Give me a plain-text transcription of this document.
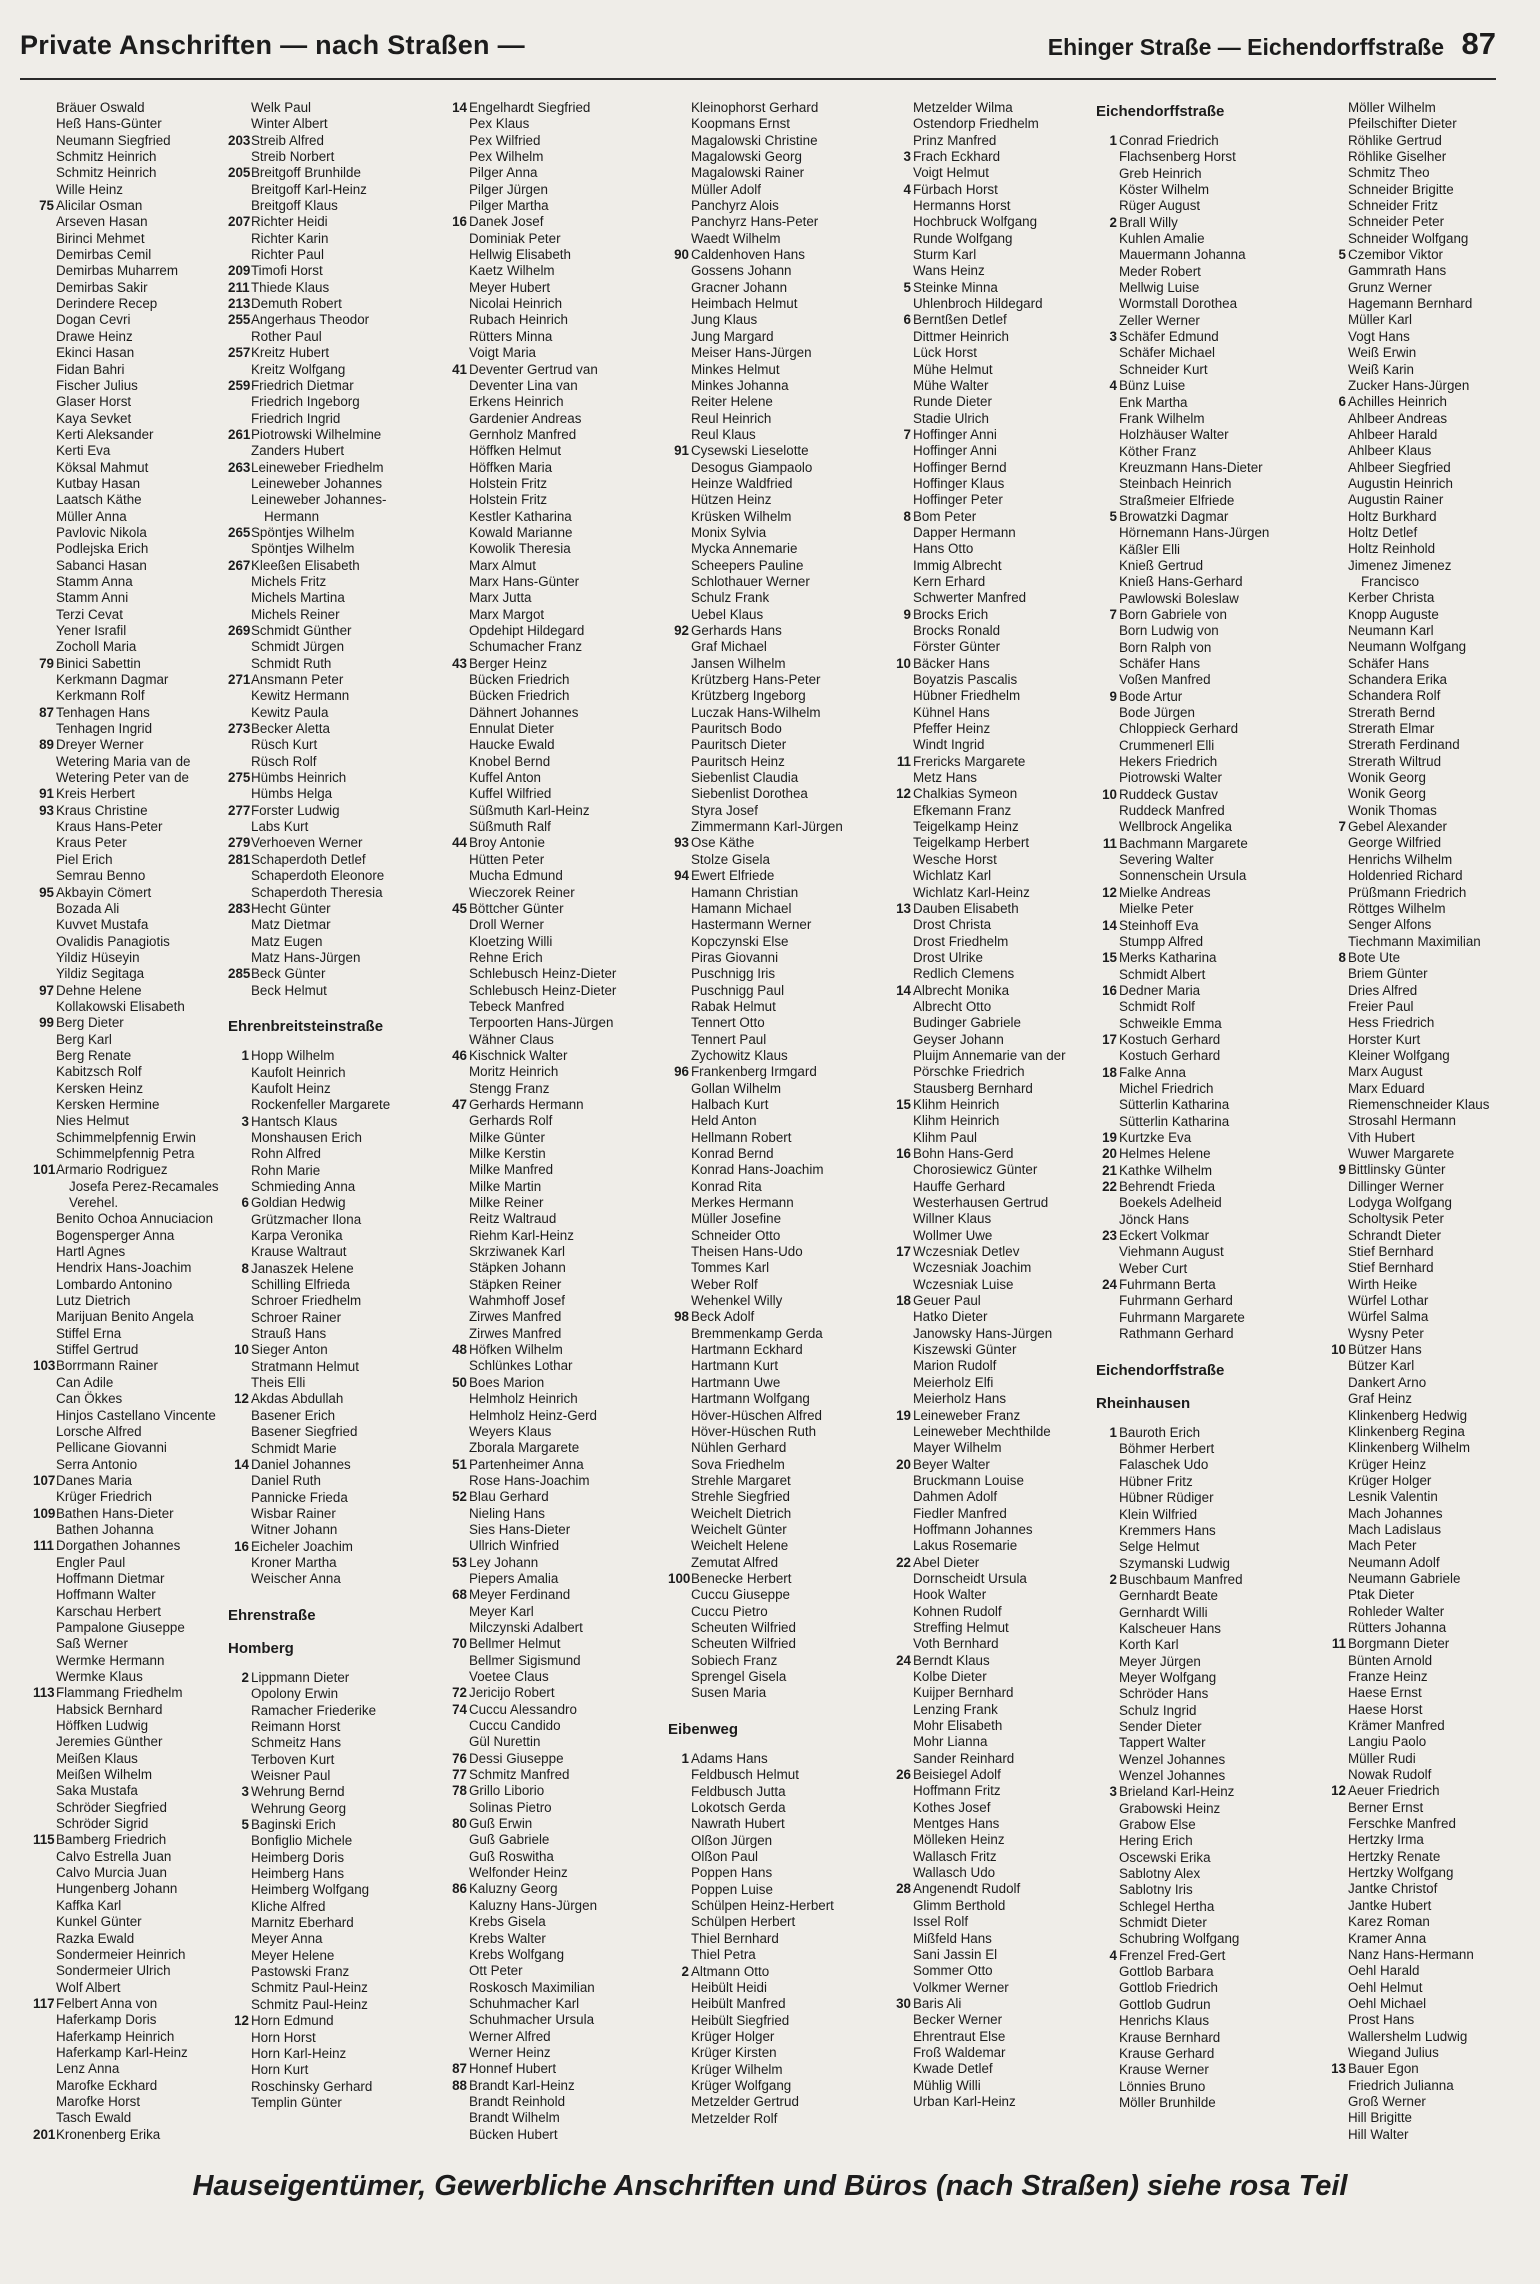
Private Anschriften — nach Straßen —	Ehinger Straße — Eichendorffstraße 87
Bräuer Oswald
Heß Hans-Günter
Neumann Siegfried
Schmitz Heinrich
Schmitz Heinrich
Wille Heinz
75 Alicilar Osman
Arseven Hasan
Birinci Mehmet
Demirbas Cemil
Demirbas Muharrem
Demirbas Sakir
Derindere Recep
Dogan Cevri
Drawe Heinz
Ekinci Hasan
Fidan Bahri
Fischer Julius
Glaser Horst
Kaya Sevket
Kerti Aleksander
Kerti Eva
Köksal Mahmut
Kutbay Hasan
Laatsch Käthe
Müller Anna
Pavlovic Nikola
Podlejska Erich
Sabanci Hasan
Stamm Anna
Stamm Anni
Terzi Cevat
Yener Israfil
Zocholl Maria
79 Binici Sabettin
Kerkmann Dagmar
Kerkmann Rolf
87 Tenhagen Hans
Tenhagen Ingrid
89 Dreyer Werner
Wetering Maria van de
Wetering Peter van de
91 Kreis Herbert
93 Kraus Christine
Kraus Hans-Peter
Kraus Peter
Piel Erich
Semrau Benno
95 Akbayin Cömert
Bozada Ali
Kuvvet Mustafa
Ovalidis Panagiotis
Yildiz Hüseyin
Yildiz Segitaga
97 Dehne Helene
Kollakowski Elisabeth
99 Berg Dieter
Berg Karl
Berg Renate
Kabitzsch Rolf
Kersken Heinz
Kersken Hermine
Nies Helmut
Schimmelpfennig Erwin
Schimmelpfennig Petra
101 Armario Rodriguez
Josefa Perez-Recamales
Verehel.
Benito Ochoa Annuciacion
Bogensperger Anna
Hartl Agnes
Hendrix Hans-Joachim
Lombardo Antonino
Lutz Dietrich
Marijuan Benito Angela
Stiffel Erna
Stiffel Gertrud
103 Borrmann Rainer
Can Adile
Can Ökkes
Hinjos Castellano Vincente
Lorsche Alfred
Pellicane Giovanni
Serra Antonio
107 Danes Maria
Krüger Friedrich
109 Bathen Hans-Dieter
Bathen Johanna
111 Dorgathen Johannes
Engler Paul
Hoffmann Dietmar
Hoffmann Walter
Karschau Herbert
Pampalone Giuseppe
Saß Werner
Wermke Hermann
Wermke Klaus
113 Flammang Friedhelm
Habsick Bernhard
Höffken Ludwig
Jeremies Günther
Meißen Klaus
Meißen Wilhelm
Saka Mustafa
Schröder Siegfried
Schröder Sigrid
115 Bamberg Friedrich
Calvo Estrella Juan
Calvo Murcia Juan
Hungenberg Johann
Kaffka Karl
Kunkel Günter
Razka Ewald
Sondermeier Heinrich
Sondermeier Ulrich
Wolf Albert
117 Felbert Anna von
Haferkamp Doris
Haferkamp Heinrich
Haferkamp Karl-Heinz
Lenz Anna
Marofke Eckhard
Marofke Horst
Tasch Ewald
201 Kronenberg Erika
Welk Paul
Winter Albert
203 Streib Alfred
Streib Norbert
205 Breitgoff Brunhilde
Breitgoff Karl-Heinz
Breitgoff Klaus
207 Richter Heidi
Richter Karin
Richter Paul
209 Timofi Horst
211 Thiede Klaus
213 Demuth Robert
255 Angerhaus Theodor
Rother Paul
257 Kreitz Hubert
Kreitz Wolfgang
259 Friedrich Dietmar
Friedrich Ingeborg
Friedrich Ingrid
261 Piotrowski Wilhelmine
Zanders Hubert
263 Leineweber Friedhelm
Leineweber Johannes
Leineweber Johannes-
Hermann
265 Spöntjes Wilhelm
Spöntjes Wilhelm
267 Kleeßen Elisabeth
Michels Fritz
Michels Martina
Michels Reiner
269 Schmidt Günther
Schmidt Jürgen
Schmidt Ruth
271 Ansmann Peter
Kewitz Hermann
Kewitz Paula
273 Becker Aletta
Rüsch Kurt
Rüsch Rolf
275 Hümbs Heinrich
Hümbs Helga
277 Forster Ludwig
Labs Kurt
279 Verhoeven Werner
281 Schaperdoth Detlef
Schaperdoth Eleonore
Schaperdoth Theresia
283 Hecht Günter
Matz Dietmar
Matz Eugen
Matz Hans-Jürgen
285 Beck Günter
Beck Helmut
Ehrenbreitsteinstraße
1 Hopp Wilhelm
Kaufolt Heinrich
Kaufolt Heinz
Rockenfeller Margarete
3 Hantsch Klaus
Monshausen Erich
Rohn Alfred
Rohn Marie
Schmieding Anna
6 Goldian Hedwig
Grützmacher Ilona
Karpa Veronika
Krause Waltraut
8 Janaszek Helene
Schilling Elfrieda
Schroer Friedhelm
Schroer Rainer
Strauß Hans
10 Sieger Anton
Stratmann Helmut
Theis Elli
12 Akdas Abdullah
Basener Erich
Basener Siegfried
Schmidt Marie
14 Daniel Johannes
Daniel Ruth
Pannicke Frieda
Wisbar Rainer
Witner Johann
16 Eicheler Joachim
Kroner Martha
Weischer Anna
Ehrenstraße
Homberg
2 Lippmann Dieter
Opolony Erwin
Ramacher Friederike
Reimann Horst
Schmeitz Hans
Terboven Kurt
Weisner Paul
3 Wehrung Bernd
Wehrung Georg
5 Baginski Erich
Bonfiglio Michele
Heimberg Doris
Heimberg Hans
Heimberg Wolfgang
Kliche Alfred
Marnitz Eberhard
Meyer Anna
Meyer Helene
Pastowski Franz
Schmitz Paul-Heinz
Schmitz Paul-Heinz
12 Horn Edmund
Horn Horst
Horn Karl-Heinz
Horn Kurt
Roschinsky Gerhard
Templin Günter
14 Engelhardt Siegfried
Pex Klaus
Pex Wilfried
Pex Wilhelm
Pilger Anna
Pilger Jürgen
Pilger Martha
16 Danek Josef
Dominiak Peter
Hellwig Elisabeth
Kaetz Wilhelm
Meyer Hubert
Nicolai Heinrich
Rubach Heinrich
Rütters Minna
Voigt Maria
41 Deventer Gertrud van
Deventer Lina van
Erkens Heinrich
Gardenier Andreas
Gernholz Manfred
Höffken Helmut
Höffken Maria
Holstein Fritz
Holstein Fritz
Kestler Katharina
Kowald Marianne
Kowolik Theresia
Marx Almut
Marx Hans-Günter
Marx Jutta
Marx Margot
Opdehipt Hildegard
Schumacher Franz
43 Berger Heinz
Bücken Friedrich
Bücken Friedrich
Dähnert Johannes
Ennulat Dieter
Haucke Ewald
Knobel Bernd
Kuffel Anton
Kuffel Wilfried
Süßmuth Karl-Heinz
Süßmuth Ralf
44 Broy Antonie
Hütten Peter
Mucha Edmund
Wieczorek Reiner
45 Böttcher Günter
Droll Werner
Kloetzing Willi
Rehne Erich
Schlebusch Heinz-Dieter
Schlebusch Heinz-Dieter
Tebeck Manfred
Terpoorten Hans-Jürgen
Wähner Claus
46 Kischnick Walter
Moritz Heinrich
Stengg Franz
47 Gerhards Hermann
Gerhards Rolf
Milke Günter
Milke Kerstin
Milke Manfred
Milke Martin
Milke Reiner
Reitz Waltraud
Riehm Karl-Heinz
Skrziwanek Karl
Stäpken Johann
Stäpken Reiner
Wahmhoff Josef
Zirwes Manfred
Zirwes Manfred
48 Höfken Wilhelm
Schlünkes Lothar
50 Boes Marion
Helmholz Heinrich
Helmholz Heinz-Gerd
Weyers Klaus
Zborala Margarete
51 Partenheimer Anna
Rose Hans-Joachim
52 Blau Gerhard
Nieling Hans
Sies Hans-Dieter
Ullrich Winfried
53 Ley Johann
Piepers Amalia
68 Meyer Ferdinand
Meyer Karl
Milczynski Adalbert
70 Bellmer Helmut
Bellmer Sigismund
Voetee Claus
72 Jericijo Robert
74 Cuccu Alessandro
Cuccu Candido
Gül Nurettin
76 Dessi Giuseppe
77 Schmitz Manfred
78 Grillo Liborio
Solinas Pietro
80 Guß Erwin
Guß Gabriele
Guß Roswitha
Welfonder Heinz
86 Kaluzny Georg
Kaluzny Hans-Jürgen
Krebs Gisela
Krebs Walter
Krebs Wolfgang
Ott Peter
Roskosch Maximilian
Schuhmacher Karl
Schuhmacher Ursula
Werner Alfred
Werner Heinz
87 Honnef Hubert
88 Brandt Karl-Heinz
Brandt Reinhold
Brandt Wilhelm
Bücken Hubert
Kleinophorst Gerhard
Koopmans Ernst
Magalowski Christine
Magalowski Georg
Magalowski Rainer
Müller Adolf
Panchyrz Alois
Panchyrz Hans-Peter
Waedt Wilhelm
90 Caldenhoven Hans
Gossens Johann
Gracner Johann
Heimbach Helmut
Jung Klaus
Jung Margard
Meiser Hans-Jürgen
Minkes Helmut
Minkes Johanna
Reiter Helene
Reul Heinrich
Reul Klaus
91 Cysewski Lieselotte
Desogus Giampaolo
Heinze Waldfried
Hützen Heinz
Krüsken Wilhelm
Monix Sylvia
Mycka Annemarie
Scheepers Pauline
Schlothauer Werner
Schulz Frank
Uebel Klaus
92 Gerhards Hans
Graf Michael
Jansen Wilhelm
Krützberg Hans-Peter
Krützberg Ingeborg
Luczak Hans-Wilhelm
Pauritsch Bodo
Pauritsch Dieter
Pauritsch Heinz
Siebenlist Claudia
Siebenlist Dorothea
Styra Josef
Zimmermann Karl-Jürgen
93 Ose Käthe
Stolze Gisela
94 Ewert Elfriede
Hamann Christian
Hamann Michael
Hastermann Werner
Kopczynski Else
Piras Giovanni
Puschnigg Iris
Puschnigg Paul
Rabak Helmut
Tennert Otto
Tennert Paul
Zychowitz Klaus
96 Frankenberg Irmgard
Gollan Wilhelm
Halbach Kurt
Held Anton
Hellmann Robert
Konrad Bernd
Konrad Hans-Joachim
Konrad Rita
Merkes Hermann
Müller Josefine
Schneider Otto
Theisen Hans-Udo
Tommes Karl
Weber Rolf
Wehenkel Willy
98 Beck Adolf
Bremmenkamp Gerda
Hartmann Eckhard
Hartmann Kurt
Hartmann Uwe
Hartmann Wolfgang
Höver-Hüschen Alfred
Höver-Hüschen Ruth
Nühlen Gerhard
Sova Friedhelm
Strehle Margaret
Strehle Siegfried
Weichelt Dietrich
Weichelt Günter
Weichelt Helene
Zemutat Alfred
100 Benecke Herbert
Cuccu Giuseppe
Cuccu Pietro
Scheuten Wilfried
Scheuten Wilfried
Sobiech Franz
Sprengel Gisela
Susen Maria
Eibenweg
1 Adams Hans
Feldbusch Helmut
Feldbusch Jutta
Lokotsch Gerda
Nawrath Hubert
Olßon Jürgen
Olßon Paul
Poppen Hans
Poppen Luise
Schülpen Heinz-Herbert
Schülpen Herbert
Thiel Bernhard
Thiel Petra
2 Altmann Otto
Heibült Heidi
Heibült Manfred
Heibült Siegfried
Krüger Holger
Krüger Kirsten
Krüger Wilhelm
Krüger Wolfgang
Metzelder Gertrud
Metzelder Rolf
Metzelder Wilma
Ostendorp Friedhelm
Prinz Manfred
3 Frach Eckhard
Voigt Helmut
4 Fürbach Horst
Hermanns Horst
Hochbruck Wolfgang
Runde Wolfgang
Sturm Karl
Wans Heinz
5 Steinke Minna
Uhlenbroch Hildegard
6 Berntßen Detlef
Dittmer Heinrich
Lück Horst
Mühe Helmut
Mühe Walter
Runde Dieter
Stadie Ulrich
7 Hoffinger Anni
Hoffinger Anni
Hoffinger Bernd
Hoffinger Klaus
Hoffinger Peter
8 Bom Peter
Dapper Hermann
Hans Otto
Immig Albrecht
Kern Erhard
Schwerter Manfred
9 Brocks Erich
Brocks Ronald
Förster Günter
10 Bäcker Hans
Boyatzis Pascalis
Hübner Friedhelm
Kühnel Hans
Pfeffer Heinz
Windt Ingrid
11 Frericks Margarete
Metz Hans
12 Chalkias Symeon
Efkemann Franz
Teigelkamp Heinz
Teigelkamp Herbert
Wesche Horst
Wichlatz Karl
Wichlatz Karl-Heinz
13 Dauben Elisabeth
Drost Christa
Drost Friedhelm
Drost Ulrike
Redlich Clemens
14 Albrecht Monika
Albrecht Otto
Budinger Gabriele
Geyser Johann
Pluijm Annemarie van der
Pörschke Friedrich
Stausberg Bernhard
15 Klihm Heinrich
Klihm Heinrich
Klihm Paul
16 Bohn Hans-Gerd
Chorosiewicz Günter
Hauffe Gerhard
Westerhausen Gertrud
Willner Klaus
Wollmer Uwe
17 Wczesniak Detlev
Wczesniak Joachim
Wczesniak Luise
18 Geuer Paul
Hatko Dieter
Janowsky Hans-Jürgen
Kiszewski Günter
Marion Rudolf
Meierholz Elfi
Meierholz Hans
19 Leineweber Franz
Leineweber Mechthilde
Mayer Wilhelm
20 Beyer Walter
Bruckmann Louise
Dahmen Adolf
Fiedler Manfred
Hoffmann Johannes
Lakus Rosemarie
22 Abel Dieter
Dornscheidt Ursula
Hook Walter
Kohnen Rudolf
Streffing Helmut
Voth Bernhard
24 Berndt Klaus
Kolbe Dieter
Kuijper Bernhard
Lenzing Frank
Mohr Elisabeth
Mohr Lianna
Sander Reinhard
26 Beisiegel Adolf
Hoffmann Fritz
Kothes Josef
Mentges Hans
Mölleken Heinz
Wallasch Fritz
Wallasch Udo
28 Angenendt Rudolf
Glimm Berthold
Issel Rolf
Mißfeld Hans
Sani Jassin El
Sommer Otto
Volkmer Werner
30 Baris Ali
Becker Werner
Ehrentraut Else
Froß Waldemar
Kwade Detlef
Mühlig Willi
Urban Karl-Heinz
Eichendorffstraße
1 Conrad Friedrich
Flachsenberg Horst
Greb Heinrich
Köster Wilhelm
Rüger August
2 Brall Willy
Kuhlen Amalie
Mauermann Johanna
Meder Robert
Mellwig Luise
Wormstall Dorothea
Zeller Werner
3 Schäfer Edmund
Schäfer Michael
Schneider Kurt
4 Bünz Luise
Enk Martha
Frank Wilhelm
Holzhäuser Walter
Köther Franz
Kreuzmann Hans-Dieter
Steinbach Heinrich
Straßmeier Elfriede
5 Browatzki Dagmar
Hörnemann Hans-Jürgen
Käßler Elli
Knieß Gertrud
Knieß Hans-Gerhard
Pawlowski Boleslaw
7 Born Gabriele von
Born Ludwig von
Born Ralph von
Schäfer Hans
Voßen Manfred
9 Bode Artur
Bode Jürgen
Chloppieck Gerhard
Crummenerl Elli
Hekers Friedrich
Piotrowski Walter
10 Ruddeck Gustav
Ruddeck Manfred
Wellbrock Angelika
11 Bachmann Margarete
Severing Walter
Sonnenschein Ursula
12 Mielke Andreas
Mielke Peter
14 Steinhoff Eva
Stumpp Alfred
15 Merks Katharina
Schmidt Albert
16 Dedner Maria
Schmidt Rolf
Schweikle Emma
17 Kostuch Gerhard
Kostuch Gerhard
18 Falke Anna
Michel Friedrich
Sütterlin Katharina
Sütterlin Katharina
19 Kurtzke Eva
20 Helmes Helene
21 Kathke Wilhelm
22 Behrendt Frieda
Boekels Adelheid
Jönck Hans
23 Eckert Volkmar
Viehmann August
Weber Curt
24 Fuhrmann Berta
Fuhrmann Gerhard
Fuhrmann Margarete
Rathmann Gerhard
Eichendorffstraße
Rheinhausen
1 Bauroth Erich
Böhmer Herbert
Falaschek Udo
Hübner Fritz
Hübner Rüdiger
Klein Wilfried
Kremmers Hans
Selge Helmut
Szymanski Ludwig
2 Buschbaum Manfred
Gernhardt Beate
Gernhardt Willi
Kalscheuer Hans
Korth Karl
Meyer Jürgen
Meyer Wolfgang
Schröder Hans
Schulz Ingrid
Sender Dieter
Tappert Walter
Wenzel Johannes
Wenzel Johannes
3 Brieland Karl-Heinz
Grabowski Heinz
Grabow Else
Hering Erich
Oscewski Erika
Sablotny Alex
Sablotny Iris
Schlegel Hertha
Schmidt Dieter
Schubring Wolfgang
4 Frenzel Fred-Gert
Gottlob Barbara
Gottlob Friedrich
Gottlob Gudrun
Henrichs Klaus
Krause Bernhard
Krause Gerhard
Krause Werner
Lönnies Bruno
Möller Brunhilde
Möller Wilhelm
Pfeilschifter Dieter
Röhlike Gertrud
Röhlike Giselher
Schmitz Theo
Schneider Brigitte
Schneider Fritz
Schneider Peter
Schneider Wolfgang
5 Czemibor Viktor
Gammrath Hans
Grunz Werner
Hagemann Bernhard
Müller Karl
Vogt Hans
Weiß Erwin
Weiß Karin
Zucker Hans-Jürgen
6 Achilles Heinrich
Ahlbeer Andreas
Ahlbeer Harald
Ahlbeer Klaus
Ahlbeer Siegfried
Augustin Heinrich
Augustin Rainer
Holtz Burkhard
Holtz Detlef
Holtz Reinhold
Jimenez Jimenez
Francisco
Kerber Christa
Knopp Auguste
Neumann Karl
Neumann Wolfgang
Schäfer Hans
Schandera Erika
Schandera Rolf
Strerath Bernd
Strerath Elmar
Strerath Ferdinand
Strerath Wiltrud
Wonik Georg
Wonik Georg
Wonik Thomas
7 Gebel Alexander
George Wilfried
Henrichs Wilhelm
Holdenried Richard
Prüßmann Friedrich
Röttges Wilhelm
Senger Alfons
Tiechmann Maximilian
8 Bote Ute
Briem Günter
Dries Alfred
Freier Paul
Hess Friedrich
Horster Kurt
Kleiner Wolfgang
Marx August
Marx Eduard
Riemenschneider Klaus
Strosahl Hermann
Vith Hubert
Wuwer Margarete
9 Bittlinsky Günter
Dillinger Werner
Lodyga Wolfgang
Scholtysik Peter
Schrandt Dieter
Stief Bernhard
Stief Bernhard
Wirth Heike
Würfel Lothar
Würfel Salma
Wysny Peter
10 Bützer Hans
Bützer Karl
Dankert Arno
Graf Heinz
Klinkenberg Hedwig
Klinkenberg Regina
Klinkenberg Wilhelm
Krüger Heinz
Krüger Holger
Lesnik Valentin
Mach Johannes
Mach Ladislaus
Mach Peter
Neumann Adolf
Neumann Gabriele
Ptak Dieter
Rohleder Walter
Rütters Johanna
11 Borgmann Dieter
Bünten Arnold
Franze Heinz
Haese Ernst
Haese Horst
Krämer Manfred
Langiu Paolo
Müller Rudi
Nowak Rudolf
12 Aeuer Friedrich
Berner Ernst
Ferschke Manfred
Hertzky Irma
Hertzky Renate
Hertzky Wolfgang
Jantke Christof
Jantke Hubert
Karez Roman
Kramer Anna
Nanz Hans-Hermann
Oehl Harald
Oehl Helmut
Oehl Michael
Prost Hans
Wallershelm Ludwig
Wiegand Julius
13 Bauer Egon
Friedrich Julianna
Groß Werner
Hill Brigitte
Hill Walter
Hauseigentümer, Gewerbliche Anschriften und Büros (nach Straßen) siehe rosa Teil
